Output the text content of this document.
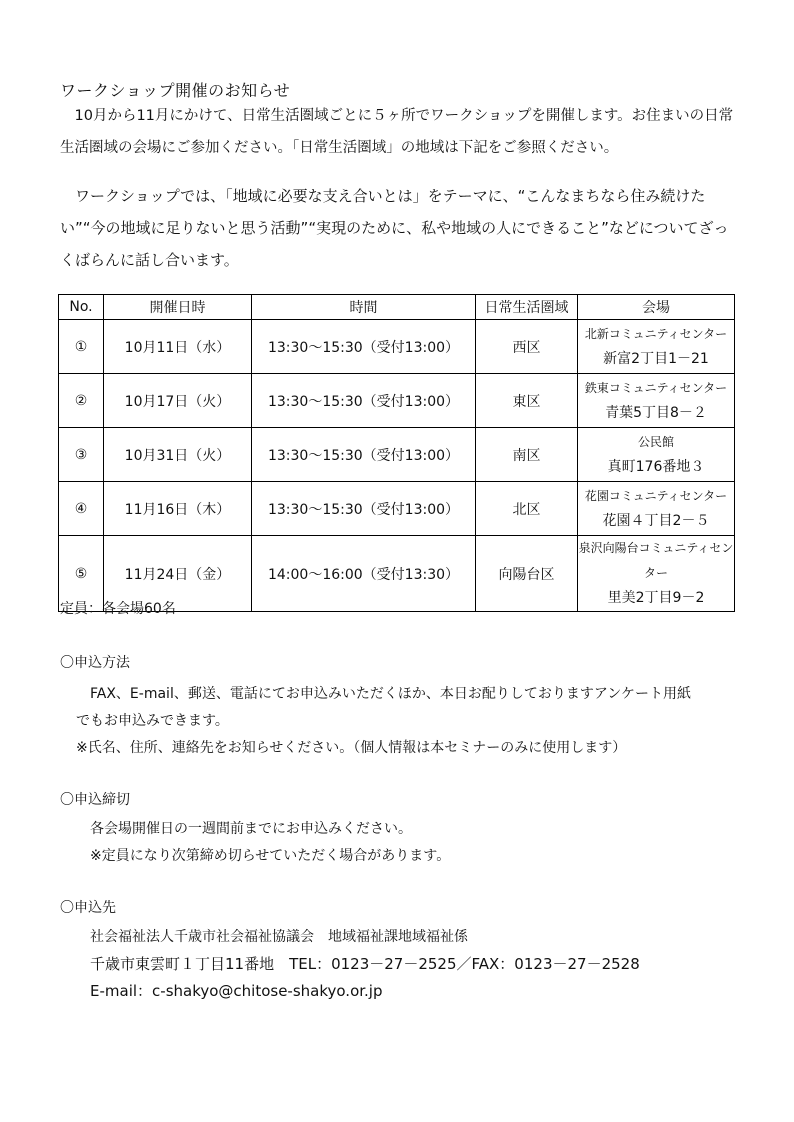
ワークショップ開催のお知らせ

　10月から11月にかけて、日常生活圏域ごとに５ヶ所でワークショップを開催します。お住まいの日常生活圏域の会場にご参加ください。「日常生活圏域」の地域は下記をご参照ください。

　ワークショップでは、「地域に必要な支え合いとは」をテーマに、“こんなまちなら住み続けたい”“今の地域に足りないと思う活動”“実現のために、私や地域の人にできること”などについてざっくばらんに話し合います。

No.	開催日時	時間	日常生活圏域	会場
①	10月11日（水）	13:30～15:30（受付13:00）	西区	北新コミュニティセンター
新富2丁目1－21

②	10月17日（火）	13:30～15:30（受付13:00）	東区	鉄東コミュニティセンター
青葉5丁目8－２

③	10月31日（火）	13:30～15:30（受付13:00）	南区	公民館
真町176番地３

④	11月16日（木）	13:30～15:30（受付13:00）	北区	花園コミュニティセンター
花園４丁目2－５

⑤	11月24日（金）	14:00～16:00（受付13:30）	向陽台区	泉沢向陽台コミュニティセンター
里美2丁目9－2
定員：各会場60名
〇申込方法
FAX、E-mail、郵送、電話にてお申込みいただくほか、本日お配りしておりますアンケート用紙
でもお申込みできます。
※氏名、住所、連絡先をお知らせください。（個人情報は本セミナーのみに使用します）
〇申込締切
各会場開催日の一週間前までにお申込みください。
※定員になり次第締め切らせていただく場合があります。
〇申込先
社会福祉法人千歳市社会福祉協議会　地域福祉課地域福祉係
千歳市東雲町１丁目11番地　TEL：0123－27－2525／FAX：0123－27－2528
E-mail：c-shakyo@chitose-shakyo.or.jp
